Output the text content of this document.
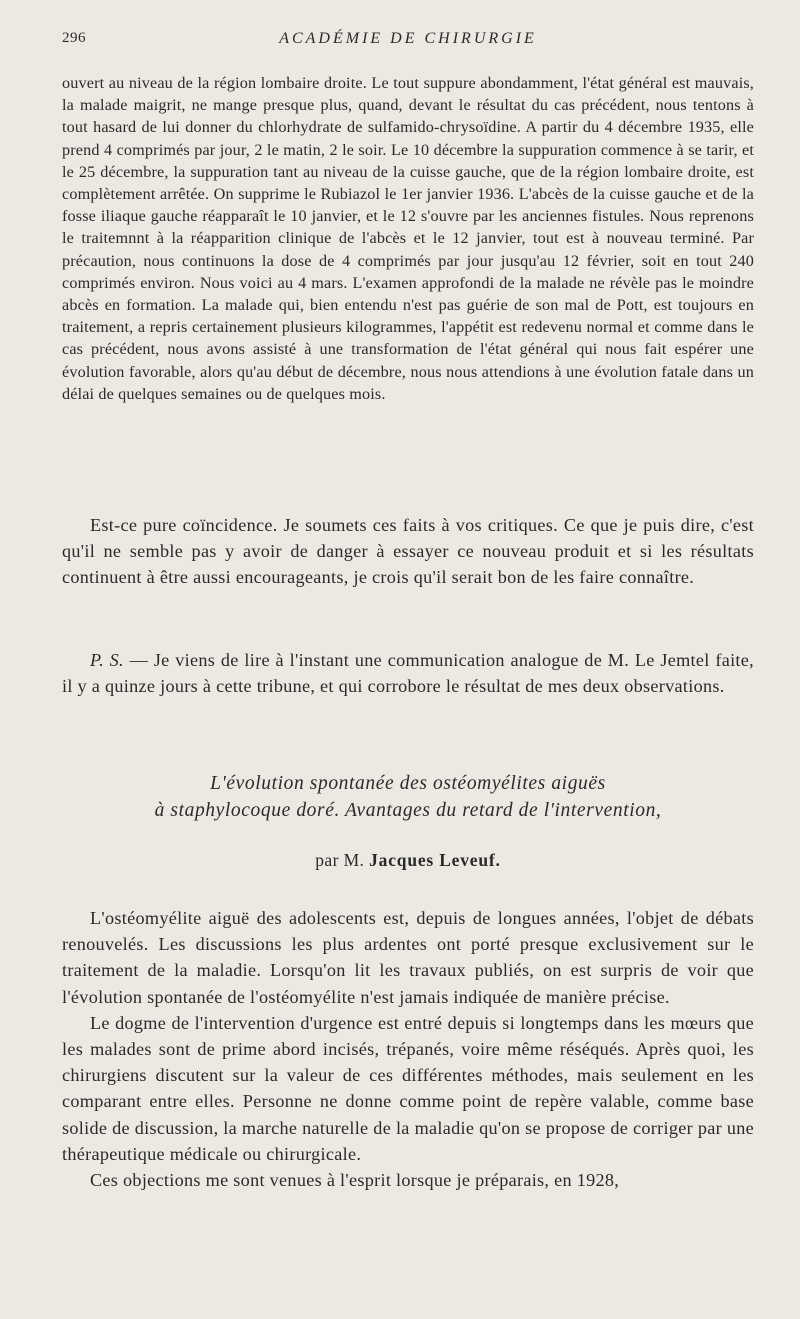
296	ACADÉMIE DE CHIRURGIE

ouvert au niveau de la région lombaire droite. Le tout suppure abondamment, l'état général est mauvais, la malade maigrit, ne mange presque plus, quand, devant le résultat du cas précédent, nous tentons à tout hasard de lui donner du chlorhydrate de sulfamido-chrysoïdine. A partir du 4 décembre 1935, elle prend 4 comprimés par jour, 2 le matin, 2 le soir. Le 10 décembre la suppuration commence à se tarir, et le 25 décembre, la suppuration tant au niveau de la cuisse gauche, que de la région lombaire droite, est complètement arrêtée. On supprime le Rubiazol le 1er janvier 1936. L'abcès de la cuisse gauche et de la fosse iliaque gauche réapparaît le 10 janvier, et le 12 s'ouvre par les anciennes fistules. Nous reprenons le traitemnnt à la réapparition clinique de l'abcès et le 12 janvier, tout est à nouveau terminé. Par précaution, nous continuons la dose de 4 comprimés par jour jusqu'au 12 février, soit en tout 240 comprimés environ. Nous voici au 4 mars. L'examen approfondi de la malade ne révèle pas le moindre abcès en formation. La malade qui, bien entendu n'est pas guérie de son mal de Pott, est toujours en traitement, a repris certainement plusieurs kilogrammes, l'appétit est redevenu normal et comme dans le cas précédent, nous avons assisté à une transformation de l'état général qui nous fait espérer une évolution favorable, alors qu'au début de décembre, nous nous attendions à une évolution fatale dans un délai de quelques semaines ou de quelques mois.

Est-ce pure coïncidence. Je soumets ces faits à vos critiques. Ce que je puis dire, c'est qu'il ne semble pas y avoir de danger à essayer ce nouveau produit et si les résultats continuent à être aussi encourageants, je crois qu'il serait bon de les faire connaître.

P. S. — Je viens de lire à l'instant une communication analogue de M. Le Jemtel faite, il y a quinze jours à cette tribune, et qui corrobore le résultat de mes deux observations.

L'évolution spontanée des ostéomyélites aiguës
à staphylocoque doré. Avantages du retard de l'intervention,
par M. Jacques Leveuf.

L'ostéomyélite aiguë des adolescents est, depuis de longues années, l'objet de débats renouvelés. Les discussions les plus ardentes ont porté presque exclusivement sur le traitement de la maladie. Lorsqu'on lit les travaux publiés, on est surpris de voir que l'évolution spontanée de l'ostéomyélite n'est jamais indiquée de manière précise.

Le dogme de l'intervention d'urgence est entré depuis si longtemps dans les mœurs que les malades sont de prime abord incisés, trépanés, voire même réséqués. Après quoi, les chirurgiens discutent sur la valeur de ces différentes méthodes, mais seulement en les comparant entre elles. Personne ne donne comme point de repère valable, comme base solide de discussion, la marche naturelle de la maladie qu'on se propose de corriger par une thérapeutique médicale ou chirurgicale.

Ces objections me sont venues à l'esprit lorsque je préparais, en 1928,
